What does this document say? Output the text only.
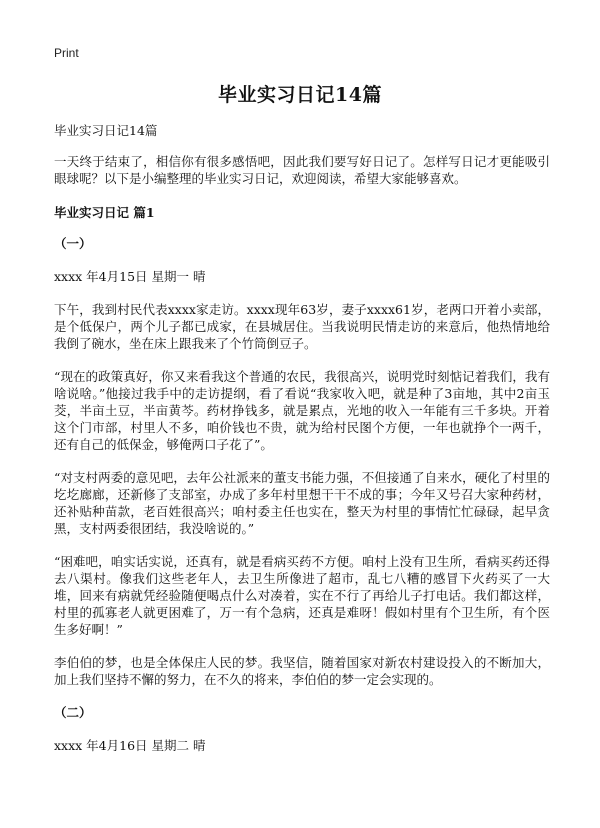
Print
毕业实习日记14篇

毕业实习日记14篇

一天终于结束了，相信你有很多感悟吧，因此我们要写好日记了。怎样写日记才更能吸引眼球呢？以下是小编整理的毕业实习日记，欢迎阅读，希望大家能够喜欢。

毕业实习日记 篇1

（一）

xxxx 年4月15日 星期一 晴

下午，我到村民代表xxxx家走访。xxxx现年63岁，妻子xxxx61岁，老两口开着小卖部，是个低保户，两个儿子都已成家，在县城居住。当我说明民情走访的来意后，他热情地给我倒了碗水，坐在床上跟我来了个竹筒倒豆子。

“现在的政策真好，你又来看我这个普通的农民，我很高兴，说明党时刻惦记着我们，我有啥说啥。”他接过我手中的走访提纲，看了看说“我家收入吧，就是种了3亩地，其中2亩玉茭，半亩土豆，半亩黄芩。药材挣钱多，就是累点，光地的收入一年能有三千多块。开着这个门市部，村里人不多，咱价钱也不贵，就为给村民图个方便，一年也就挣个一两千，还有自己的低保金，够俺两口子花了”。

“对支村两委的意见吧，去年公社派来的董支书能力强，不但接通了自来水，硬化了村里的圪圪廊廊，还新修了支部室，办成了多年村里想干干不成的事；今年又号召大家种药材，还补贴种苗款，老百姓很高兴；咱村委主任也实在，整天为村里的事情忙忙碌碌，起早贪黑，支村两委很团结，我没啥说的。”

“困难吧，咱实话实说，还真有，就是看病买药不方便。咱村上没有卫生所，看病买药还得去八渠村。像我们这些老年人，去卫生所像进了超市，乱七八糟的感冒下火药买了一大堆，回来有病就凭经验随便喝点什么对凑着，实在不行了再给儿子打电话。我们都这样，村里的孤寡老人就更困难了，万一有个急病，还真是难呀！假如村里有个卫生所，有个医生多好啊！”

李伯伯的梦，也是全体保庄人民的梦。我坚信，随着国家对新农村建设投入的不断加大，加上我们坚持不懈的努力，在不久的将来，李伯伯的梦一定会实现的。

（二）

xxxx 年4月16日 星期二 晴
